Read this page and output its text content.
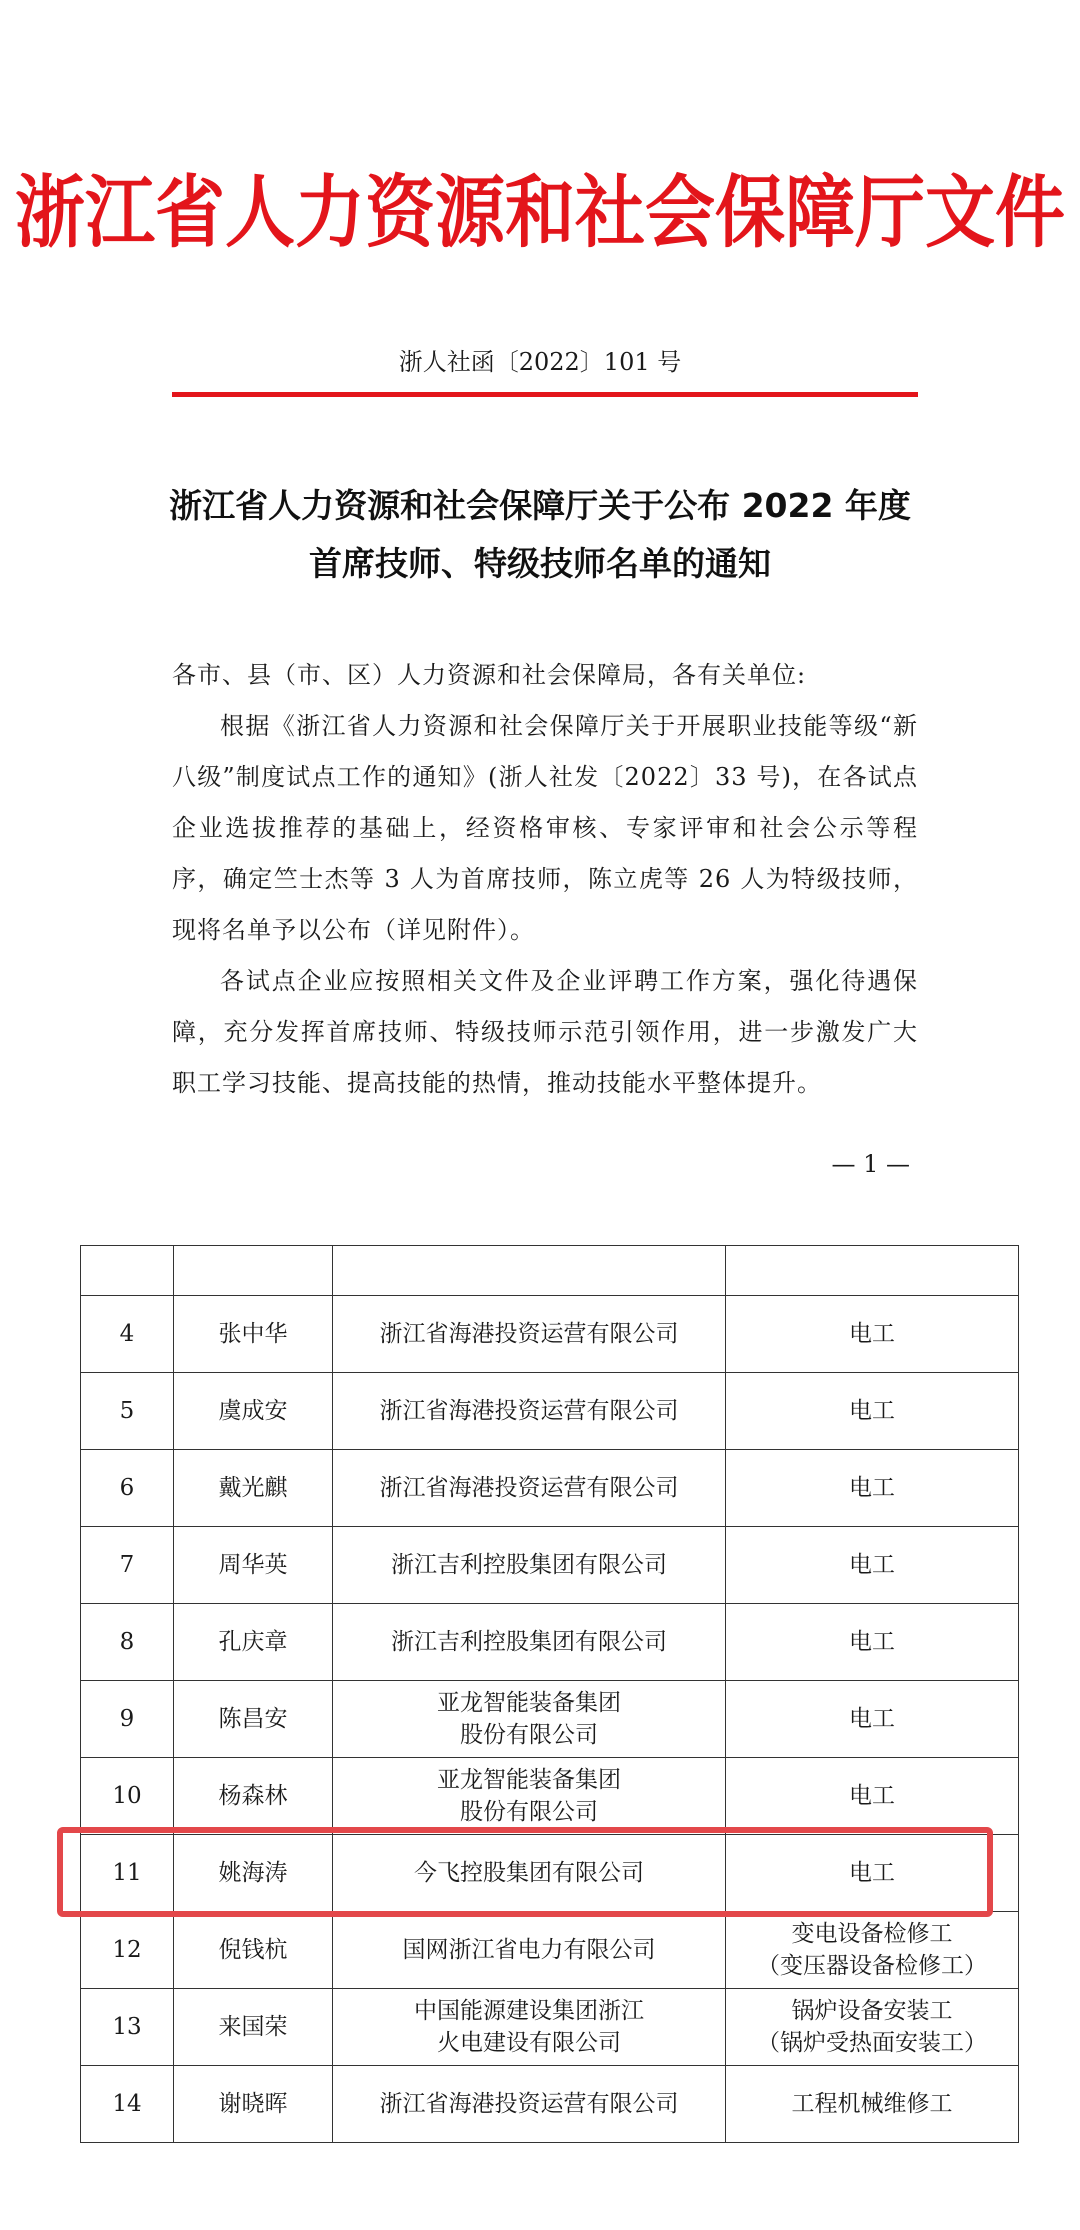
浙江省人力资源和社会保障厅文件
浙人社函〔2022〕101 号
浙江省人力资源和社会保障厅关于公布 2022 年度
首席技师、特级技师名单的通知

各市、县（市、区）人力资源和社会保障局，各有关单位:

根据《浙江省人力资源和社会保障厅关于开展职业技能等级“新八级”制度试点工作的通知》(浙人社发〔2022〕33 号)，在各试点企业选拔推荐的基础上，经资格审核、专家评审和社会公示等程序，确定竺士杰等 3 人为首席技师，陈立虎等 26 人为特级技师，现将名单予以公布（详见附件）。

各试点企业应按照相关文件及企业评聘工作方案，强化待遇保障，充分发挥首席技师、特级技师示范引领作用，进一步激发广大职工学习技能、提高技能的热情，推动技能水平整体提升。

— 1 —

4	张中华	浙江省海港投资运营有限公司	电工

5	虞成安	浙江省海港投资运营有限公司	电工

6	戴光麒	浙江省海港投资运营有限公司	电工

7	周华英	浙江吉利控股集团有限公司	电工

8	孔庆章	浙江吉利控股集团有限公司	电工

9	陈昌安	亚龙智能装备集团
股份有限公司	电工

10	杨森林	亚龙智能装备集团
股份有限公司	电工

11	姚海涛	今飞控股集团有限公司	电工

12	倪钱杭	国网浙江省电力有限公司	变电设备检修工
（变压器设备检修工）

13	来国荣	中国能源建设集团浙江
火电建设有限公司	锅炉设备安装工
（锅炉受热面安装工）

14	谢晓晖	浙江省海港投资运营有限公司	工程机械维修工
